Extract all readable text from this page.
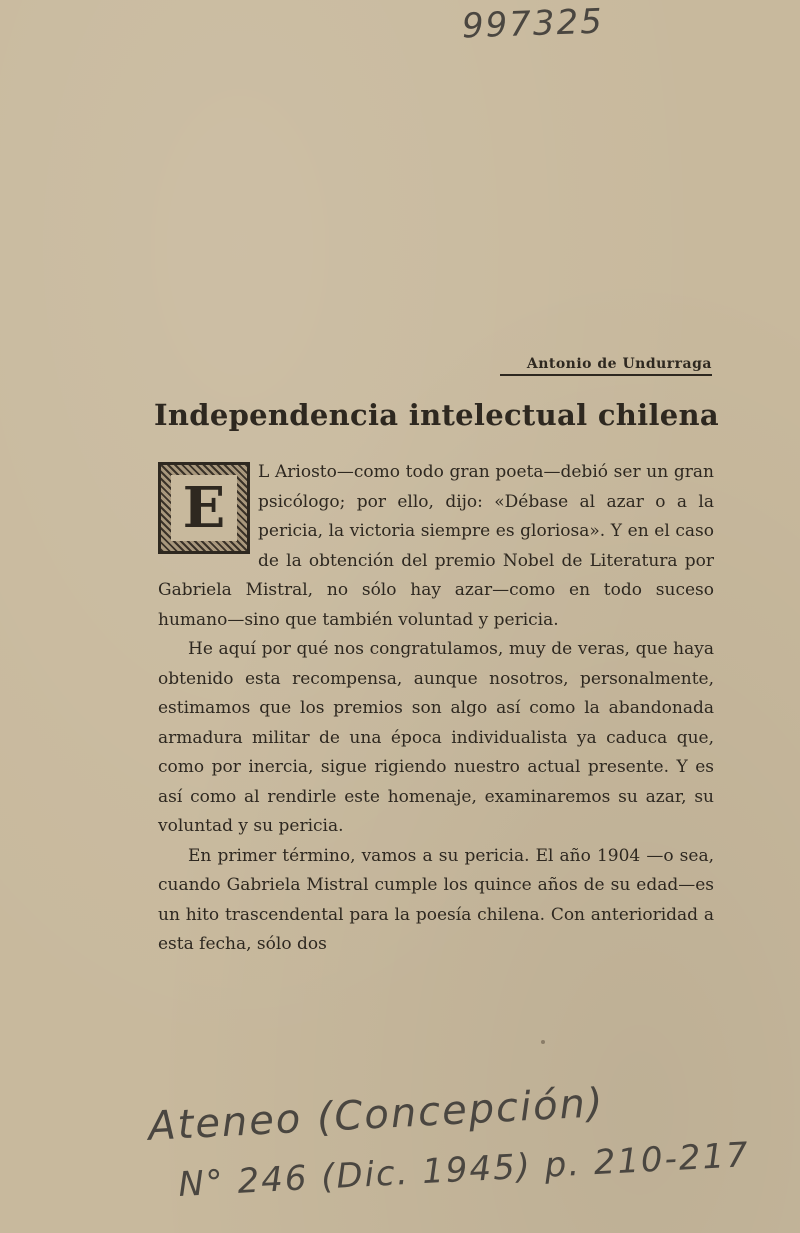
997325
Antonio de Undurraga
Independencia intelectual chilena

E
L Ariosto—como todo gran poeta—debió ser un gran psicólogo; por ello, dijo: «Débase al azar o a la pericia, la victoria siempre es gloriosa». Y en el caso de la obtención del premio Nobel de Literatura por Gabriela Mistral, no sólo hay azar—como en todo suceso humano—sino que también voluntad y pericia.

He aquí por qué nos congratulamos, muy de veras, que haya obtenido esta recompensa, aunque nosotros, personalmente, estimamos que los premios son algo así como la abandonada armadura militar de una época individualista ya caduca que, como por inercia, sigue rigiendo nuestro actual presente. Y es así como al rendirle este homenaje, examinaremos su azar, su voluntad y su pericia.

En primer término, vamos a su pericia. El año 1904 —o sea, cuando Gabriela Mistral cumple los quince años de su edad—es un hito trascendental para la poesía chilena. Con anterioridad a esta fecha, sólo dos

Ateneo (Concepción)
N° 246 (Dic. 1945) p. 210-217
